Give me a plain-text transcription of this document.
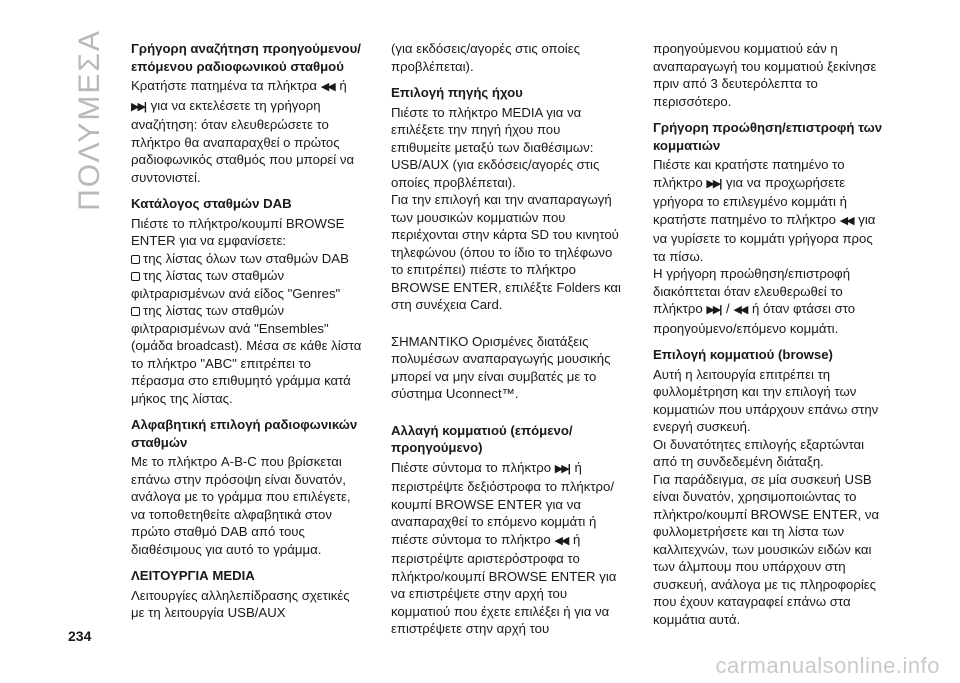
ΠΟΛΥΜΕΣΑ Γρήγορη αναζήτηση προηγούμενου/επόμενου ραδιοφωνικού σταθμού

Κρατήστε πατημένα τα πλήκτρα ◀◀ ή ▶▶| για να εκτελέσετε τη γρήγορη αναζήτηση: όταν ελευθερώσετε το πλήκτρο θα αναπαραχθεί ο πρώτος ραδιοφωνικός σταθμός που μπορεί να συντονιστεί.

Κατάλογος σταθμών DAB

Πιέστε το πλήκτρο/κουμπί BROWSE ENTER για να εμφανίσετε:

της λίστας όλων των σταθμών DAB
της λίστας των σταθμών φιλτραρισμένων ανά είδος "Genres"
της λίστας των σταθμών φιλτραρισμένων ανά "Ensembles" (ομάδα broadcast). Μέσα σε κάθε λίστα το πλήκτρο "ABC" επιτρέπει το πέρασμα στο επιθυμητό γράμμα κατά μήκος της λίστας.
Αλφαβητική επιλογή ραδιοφωνικών σταθμών

Με το πλήκτρο A-B-C που βρίσκεται επάνω στην πρόσοψη είναι δυνατόν, ανάλογα με το γράμμα που επιλέγετε, να τοποθετηθείτε αλφαβητικά στον πρώτο σταθμό DAB από τους διαθέσιμους για αυτό το γράμμα.

ΛΕΙΤΟΥΡΓΙΑ MEDIA

Λειτουργίες αλληλεπίδρασης σχετικές με τη λειτουργία USB/AUX

(για εκδόσεις/αγορές στις οποίες προβλέπεται).

Επιλογή πηγής ήχου

Πιέστε το πλήκτρο MEDIA για να επιλέξετε την πηγή ήχου που επιθυμείτε μεταξύ των διαθέσιμων: USB/AUX (για εκδόσεις/αγορές στις οποίες προβλέπεται).

Για την επιλογή και την αναπαραγωγή των μουσικών κομματιών που περιέχονται στην κάρτα SD του κινητού τηλεφώνου (όπου το ίδιο το τηλέφωνο το επιτρέπει) πιέστε το πλήκτρο BROWSE ENTER, επιλέξτε Folders και στη συνέχεια Card.

ΣΗΜΑΝΤΙΚΟ Ορισμένες διατάξεις πολυμέσων αναπαραγωγής μουσικής μπορεί να μην είναι συμβατές με το σύστημα Uconnect™.

Αλλαγή κομματιού (επόμενο/προηγούμενο)

Πιέστε σύντομα το πλήκτρο ▶▶| ή περιστρέψτε δεξιόστροφα το πλήκτρο/κουμπί BROWSE ENTER για να αναπαραχθεί το επόμενο κομμάτι ή πιέστε σύντομα το πλήκτρο ◀◀ ή περιστρέψτε αριστερόστροφα το πλήκτρο/κουμπί BROWSE ENTER για να επιστρέψετε στην αρχή του κομματιού που έχετε επιλέξει ή για να επιστρέψετε στην αρχή του

προηγούμενου κομματιού εάν η αναπαραγωγή του κομματιού ξεκίνησε πριν από 3 δευτερόλεπτα το περισσότερο.

Γρήγορη προώθηση/επιστροφή των κομματιών

Πιέστε και κρατήστε πατημένο το πλήκτρο ▶▶| για να προχωρήσετε γρήγορα το επιλεγμένο κομμάτι ή κρατήστε πατημένο το πλήκτρο ◀◀ για να γυρίσετε το κομμάτι γρήγορα προς τα πίσω.

Η γρήγορη προώθηση/επιστροφή διακόπτεται όταν ελευθερωθεί το πλήκτρο ▶▶| / ◀◀ ή όταν φτάσει στο προηγούμενο/επόμενο κομμάτι.

Επιλογή κομματιού (browse)

Αυτή η λειτουργία επιτρέπει τη φυλλομέτρηση και την επιλογή των κομματιών που υπάρχουν επάνω στην ενεργή συσκευή.

Οι δυνατότητες επιλογής εξαρτώνται από τη συνδεδεμένη διάταξη.

Για παράδειγμα, σε μία συσκευή USB είναι δυνατόν, χρησιμοποιώντας το πλήκτρο/κουμπί BROWSE ENTER, να φυλλομετρήσετε και τη λίστα των καλλιτεχνών, των μουσικών ειδών και των άλμπουμ που υπάρχουν στη συσκευή, ανάλογα με τις πληροφορίες που έχουν καταγραφεί επάνω στα κομμάτια αυτά.

234
carmanualsonline.info
